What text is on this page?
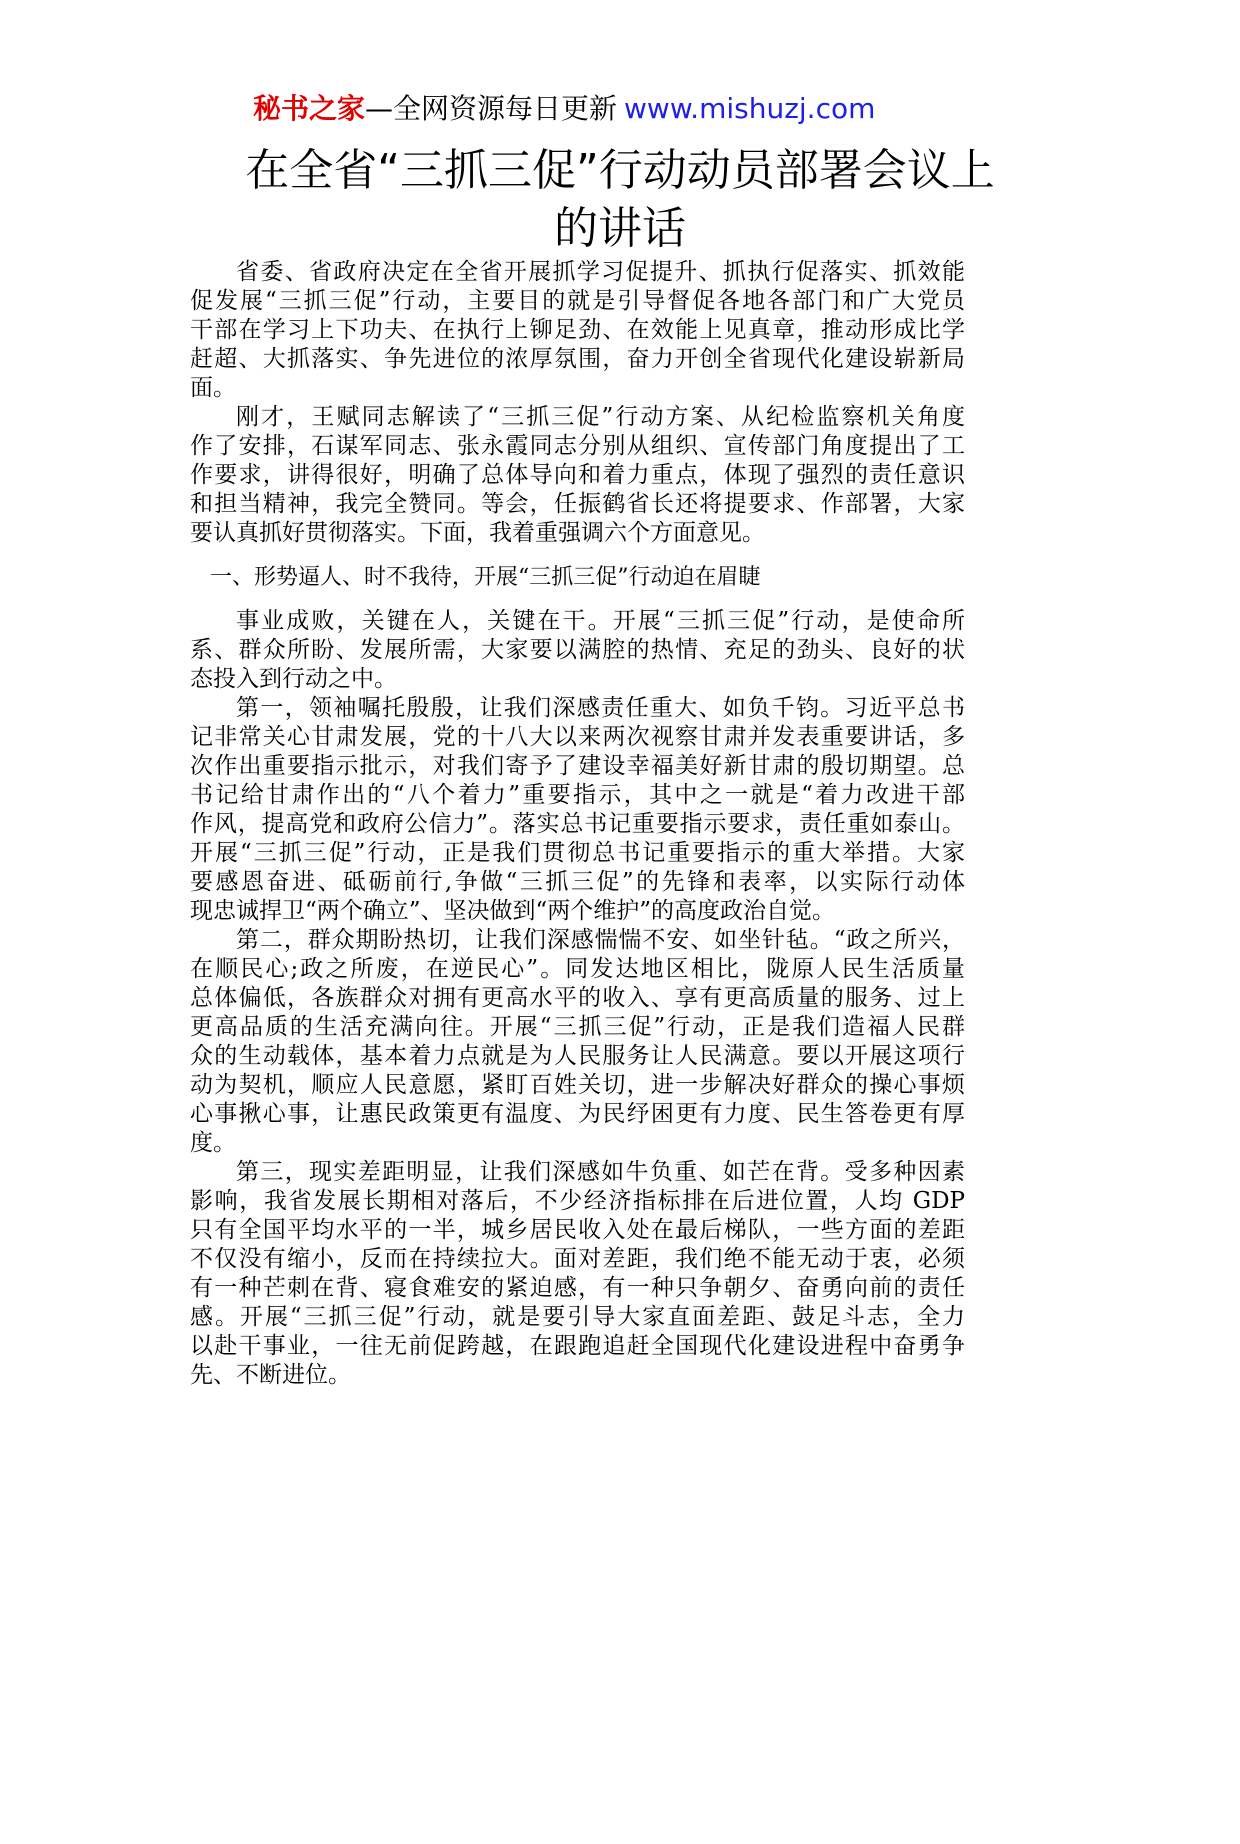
秘书之家—全网资源每日更新 www.mishuzj.com
在全省“三抓三促”行动动员部署会议上
的讲话
省委、省政府决定在全省开展抓学习促提升、抓执行促落实、抓效能
促发展“三抓三促”行动，主要目的就是引导督促各地各部门和广大党员
干部在学习上下功夫、在执行上铆足劲、在效能上见真章，推动形成比学
赶超、大抓落实、争先进位的浓厚氛围，奋力开创全省现代化建设崭新局
面。
刚才，王赋同志解读了“三抓三促”行动方案、从纪检监察机关角度
作了安排，石谋军同志、张永霞同志分别从组织、宣传部门角度提出了工
作要求，讲得很好，明确了总体导向和着力重点，体现了强烈的责任意识
和担当精神，我完全赞同。等会，任振鹤省长还将提要求、作部署，大家
要认真抓好贯彻落实。下面，我着重强调六个方面意见。
一、形势逼人、时不我待，开展“三抓三促”行动迫在眉睫
事业成败，关键在人，关键在干。开展“三抓三促”行动，是使命所
系、群众所盼、发展所需，大家要以满腔的热情、充足的劲头、良好的状
态投入到行动之中。
第一，领袖嘱托殷殷，让我们深感责任重大、如负千钧。习近平总书
记非常关心甘肃发展，党的十八大以来两次视察甘肃并发表重要讲话，多
次作出重要指示批示，对我们寄予了建设幸福美好新甘肃的殷切期望。总
书记给甘肃作出的“八个着力”重要指示，其中之一就是“着力改进干部
作风，提高党和政府公信力”。落实总书记重要指示要求，责任重如泰山。
开展“三抓三促”行动，正是我们贯彻总书记重要指示的重大举措。大家
要感恩奋进、砥砺前行,争做“三抓三促”的先锋和表率，以实际行动体
现忠诚捍卫“两个确立”、坚决做到“两个维护”的高度政治自觉。
第二，群众期盼热切，让我们深感惴惴不安、如坐针毡。“政之所兴，
在顺民心;政之所废，在逆民心”。同发达地区相比，陇原人民生活质量
总体偏低，各族群众对拥有更高水平的收入、享有更高质量的服务、过上
更高品质的生活充满向往。开展“三抓三促”行动，正是我们造福人民群
众的生动载体，基本着力点就是为人民服务让人民满意。要以开展这项行
动为契机，顺应人民意愿，紧盯百姓关切，进一步解决好群众的操心事烦
心事揪心事，让惠民政策更有温度、为民纾困更有力度、民生答卷更有厚
度。
第三，现实差距明显，让我们深感如牛负重、如芒在背。受多种因素
影响，我省发展长期相对落后，不少经济指标排在后进位置，人均 GDP
只有全国平均水平的一半，城乡居民收入处在最后梯队，一些方面的差距
不仅没有缩小，反而在持续拉大。面对差距，我们绝不能无动于衷，必须
有一种芒刺在背、寝食难安的紧迫感，有一种只争朝夕、奋勇向前的责任
感。开展“三抓三促”行动，就是要引导大家直面差距、鼓足斗志，全力
以赴干事业，一往无前促跨越，在跟跑追赶全国现代化建设进程中奋勇争
先、不断进位。
